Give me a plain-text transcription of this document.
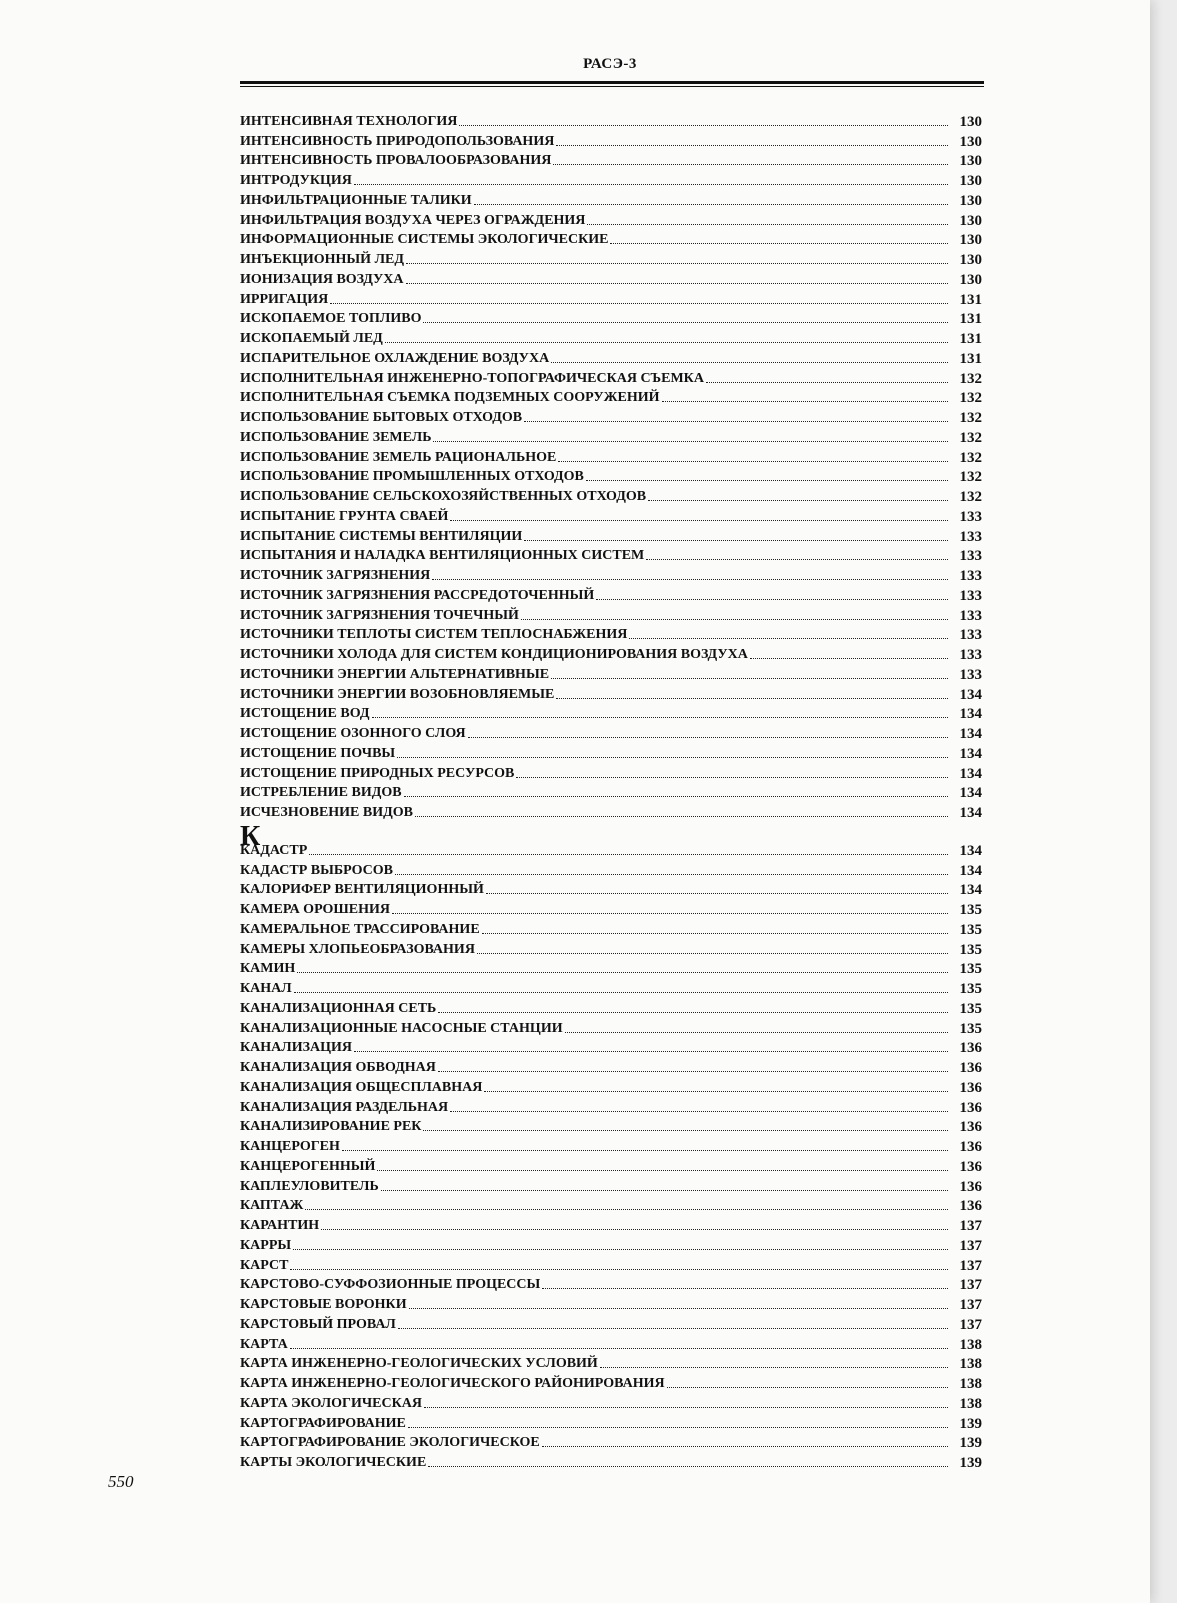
РАСЭ-3
ИНТЕНСИВНАЯ ТЕХНОЛОГИЯ	130
ИНТЕНСИВНОСТЬ ПРИРОДОПОЛЬЗОВАНИЯ	130
ИНТЕНСИВНОСТЬ ПРОВАЛООБРАЗОВАНИЯ	130
ИНТРОДУКЦИЯ	130
ИНФИЛЬТРАЦИОННЫЕ ТАЛИКИ	130
ИНФИЛЬТРАЦИЯ ВОЗДУХА ЧЕРЕЗ ОГРАЖДЕНИЯ	130
ИНФОРМАЦИОННЫЕ СИСТЕМЫ ЭКОЛОГИЧЕСКИЕ	130
ИНЪЕКЦИОННЫЙ ЛЕД	130
ИОНИЗАЦИЯ ВОЗДУХА	130
ИРРИГАЦИЯ	131
ИСКОПАЕМОЕ ТОПЛИВО	131
ИСКОПАЕМЫЙ ЛЕД	131
ИСПАРИТЕЛЬНОЕ ОХЛАЖДЕНИЕ ВОЗДУХА	131
ИСПОЛНИТЕЛЬНАЯ ИНЖЕНЕРНО-ТОПОГРАФИЧЕСКАЯ СЪЕМКА	132
ИСПОЛНИТЕЛЬНАЯ СЪЕМКА ПОДЗЕМНЫХ СООРУЖЕНИЙ	132
ИСПОЛЬЗОВАНИЕ БЫТОВЫХ ОТХОДОВ	132
ИСПОЛЬЗОВАНИЕ ЗЕМЕЛЬ	132
ИСПОЛЬЗОВАНИЕ ЗЕМЕЛЬ РАЦИОНАЛЬНОЕ	132
ИСПОЛЬЗОВАНИЕ ПРОМЫШЛЕННЫХ ОТХОДОВ	132
ИСПОЛЬЗОВАНИЕ СЕЛЬСКОХОЗЯЙСТВЕННЫХ ОТХОДОВ	132
ИСПЫТАНИЕ ГРУНТА СВАЕЙ	133
ИСПЫТАНИЕ СИСТЕМЫ ВЕНТИЛЯЦИИ	133
ИСПЫТАНИЯ И НАЛАДКА ВЕНТИЛЯЦИОННЫХ СИСТЕМ	133
ИСТОЧНИК ЗАГРЯЗНЕНИЯ	133
ИСТОЧНИК ЗАГРЯЗНЕНИЯ РАССРЕДОТОЧЕННЫЙ	133
ИСТОЧНИК ЗАГРЯЗНЕНИЯ ТОЧЕЧНЫЙ	133
ИСТОЧНИКИ ТЕПЛОТЫ СИСТЕМ ТЕПЛОСНАБЖЕНИЯ	133
ИСТОЧНИКИ ХОЛОДА ДЛЯ СИСТЕМ КОНДИЦИОНИРОВАНИЯ ВОЗДУХА	133
ИСТОЧНИКИ ЭНЕРГИИ АЛЬТЕРНАТИВНЫЕ	133
ИСТОЧНИКИ ЭНЕРГИИ ВОЗОБНОВЛЯЕМЫЕ	134
ИСТОЩЕНИЕ ВОД	134
ИСТОЩЕНИЕ ОЗОННОГО СЛОЯ	134
ИСТОЩЕНИЕ ПОЧВЫ	134
ИСТОЩЕНИЕ ПРИРОДНЫХ РЕСУРСОВ	134
ИСТРЕБЛЕНИЕ ВИДОВ	134
ИСЧЕЗНОВЕНИЕ ВИДОВ	134
К
КАДАСТР	134
КАДАСТР ВЫБРОСОВ	134
КАЛОРИФЕР ВЕНТИЛЯЦИОННЫЙ	134
КАМЕРА ОРОШЕНИЯ	135
КАМЕРАЛЬНОЕ ТРАССИРОВАНИЕ	135
КАМЕРЫ ХЛОПЬЕОБРАЗОВАНИЯ	135
КАМИН	135
КАНАЛ	135
КАНАЛИЗАЦИОННАЯ СЕТЬ	135
КАНАЛИЗАЦИОННЫЕ НАСОСНЫЕ СТАНЦИИ	135
КАНАЛИЗАЦИЯ	136
КАНАЛИЗАЦИЯ ОБВОДНАЯ	136
КАНАЛИЗАЦИЯ ОБЩЕСПЛАВНАЯ	136
КАНАЛИЗАЦИЯ РАЗДЕЛЬНАЯ	136
КАНАЛИЗИРОВАНИЕ РЕК	136
КАНЦЕРОГЕН	136
КАНЦЕРОГЕННЫЙ	136
КАПЛЕУЛОВИТЕЛЬ	136
КАПТАЖ	136
КАРАНТИН	137
КАРРЫ	137
КАРСТ	137
КАРСТОВО-СУФФОЗИОННЫЕ ПРОЦЕССЫ	137
КАРСТОВЫЕ ВОРОНКИ	137
КАРСТОВЫЙ ПРОВАЛ	137
КАРТА	138
КАРТА ИНЖЕНЕРНО-ГЕОЛОГИЧЕСКИХ УСЛОВИЙ	138
КАРТА ИНЖЕНЕРНО-ГЕОЛОГИЧЕСКОГО РАЙОНИРОВАНИЯ	138
КАРТА ЭКОЛОГИЧЕСКАЯ	138
КАРТОГРАФИРОВАНИЕ	139
КАРТОГРАФИРОВАНИЕ ЭКОЛОГИЧЕСКОЕ	139
КАРТЫ ЭКОЛОГИЧЕСКИЕ	139
550
